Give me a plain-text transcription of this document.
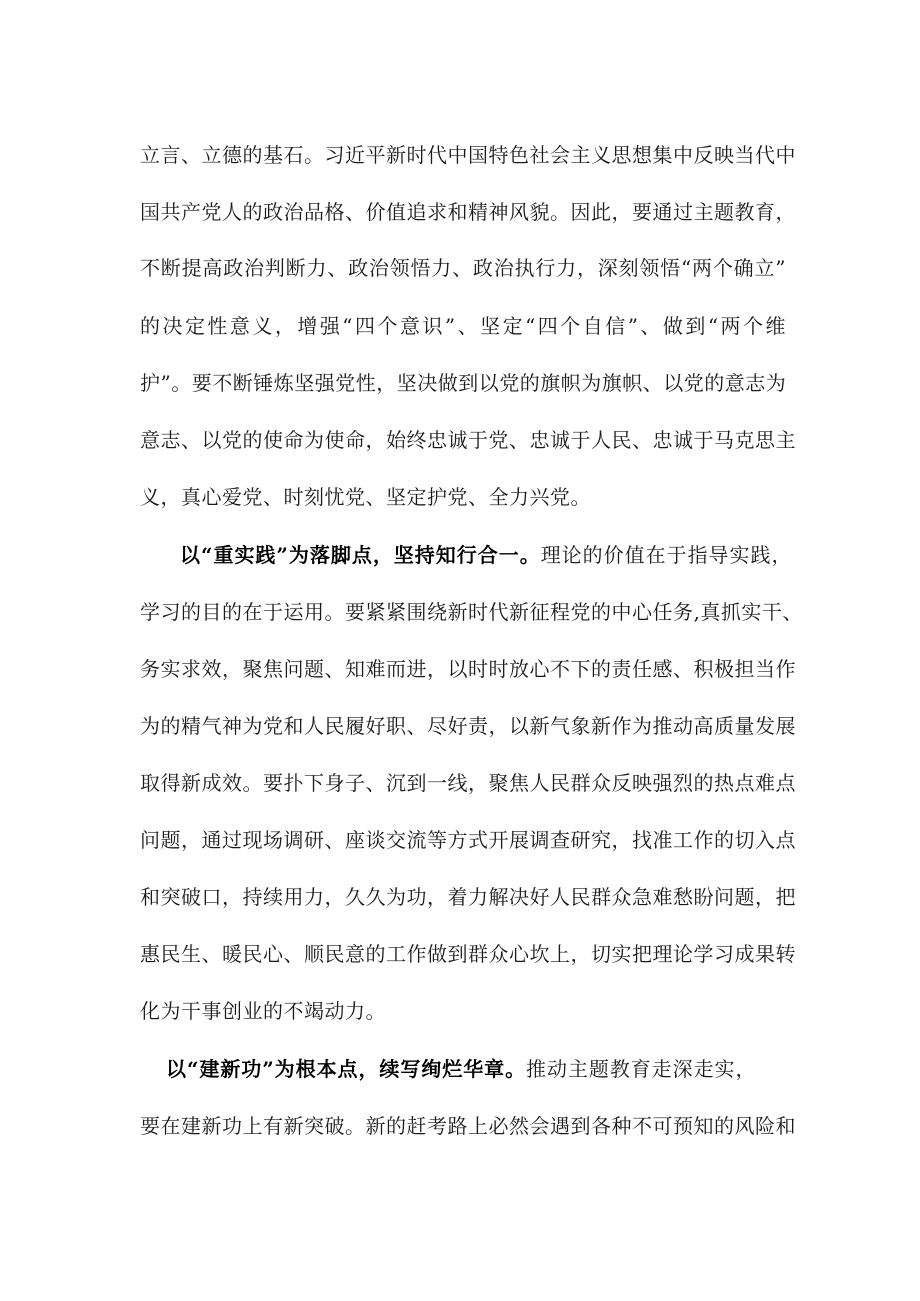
立言、立德的基石。习近平新时代中国特色社会主义思想集中反映当代中
国共产党人的政治品格、价值追求和精神风貌。因此，要通过主题教育，
不断提高政治判断力、政治领悟力、政治执行力，深刻领悟“两个确立”
的决定性意义，增强“四个意识”、坚定“四个自信”、做到“两个维
护”。要不断锤炼坚强党性，坚决做到以党的旗帜为旗帜、以党的意志为
意志、以党的使命为使命，始终忠诚于党、忠诚于人民、忠诚于马克思主
义，真心爱党、时刻忧党、坚定护党、全力兴党。
以“重实践”为落脚点，坚持知行合一。理论的价值在于指导实践，
学习的目的在于运用。要紧紧围绕新时代新征程党的中心任务,真抓实干、
务实求效，聚焦问题、知难而进，以时时放心不下的责任感、积极担当作
为的精气神为党和人民履好职、尽好责，以新气象新作为推动高质量发展
取得新成效。要扑下身子、沉到一线，聚焦人民群众反映强烈的热点难点
问题，通过现场调研、座谈交流等方式开展调查研究，找准工作的切入点
和突破口，持续用力，久久为功，着力解决好人民群众急难愁盼问题，把
惠民生、暖民心、顺民意的工作做到群众心坎上，切实把理论学习成果转
化为干事创业的不竭动力。
以“建新功”为根本点，续写绚烂华章。推动主题教育走深走实，
要在建新功上有新突破。新的赶考路上必然会遇到各种不可预知的风险和
